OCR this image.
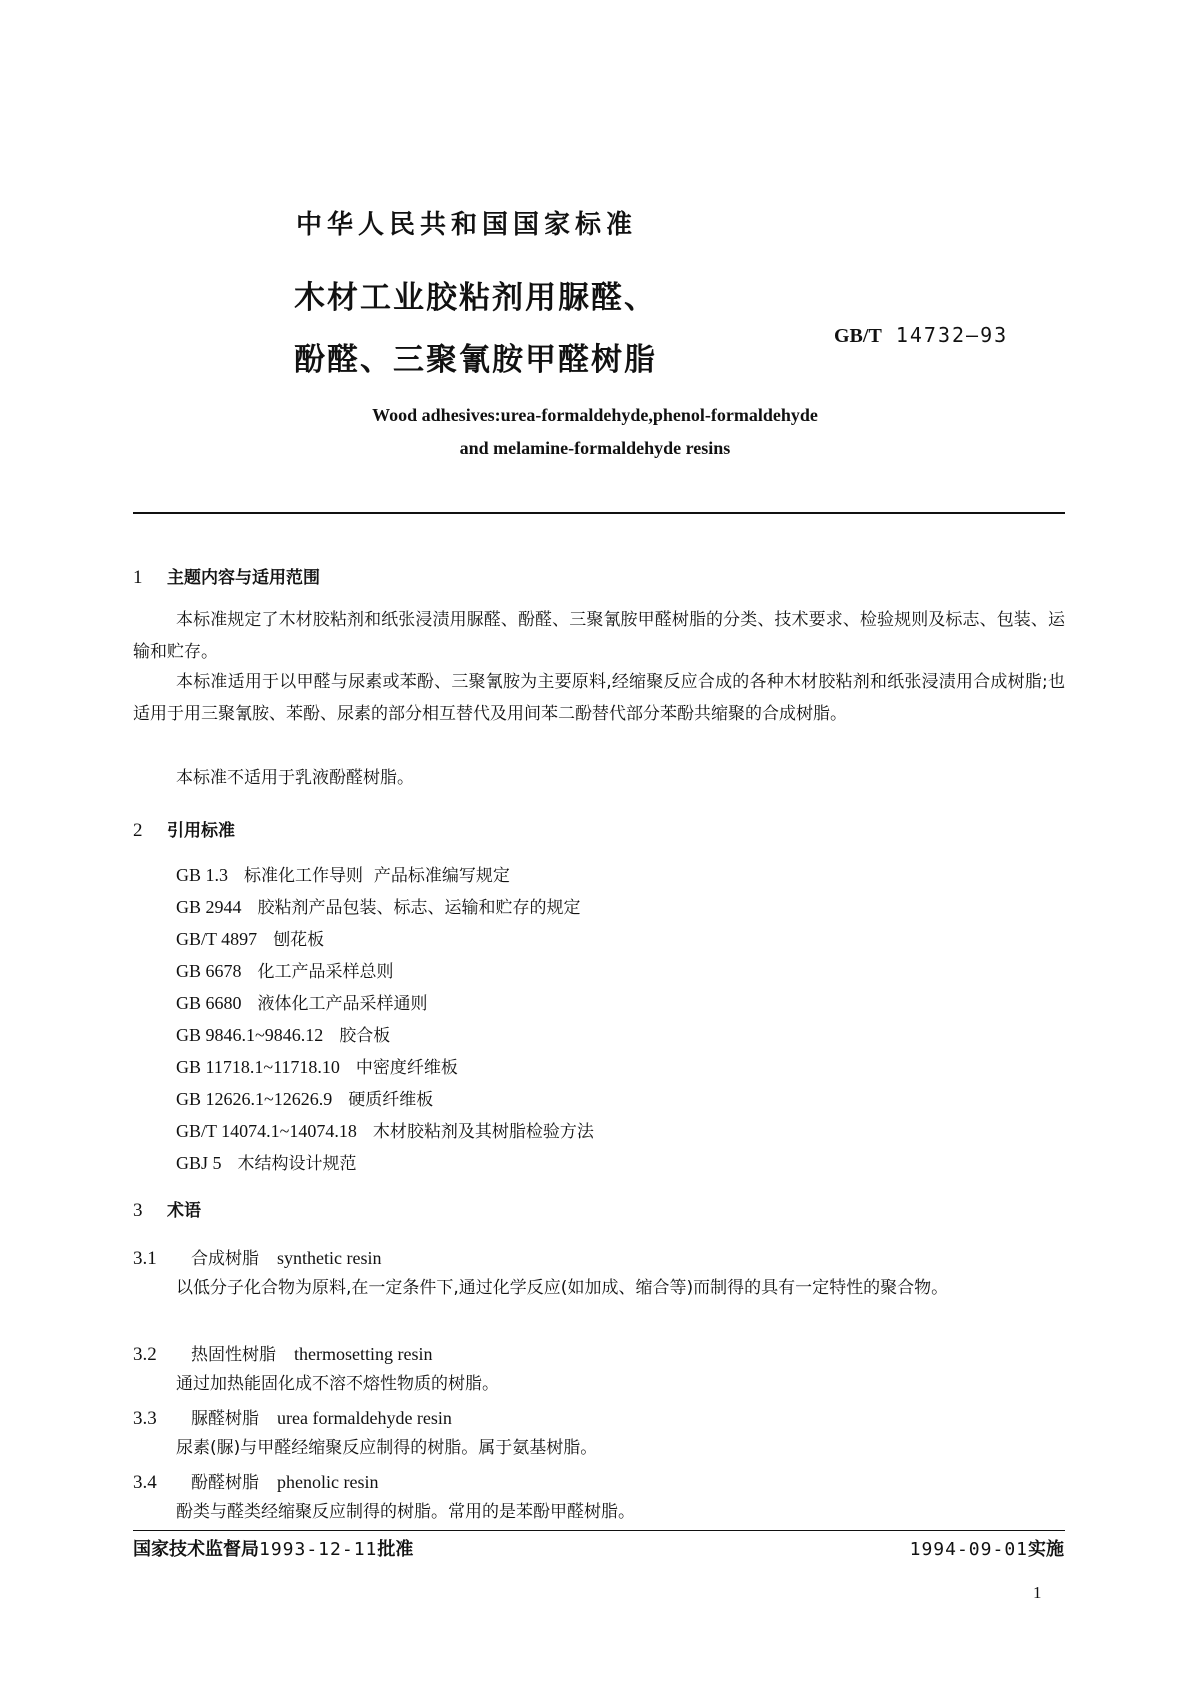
中华人民共和国国家标准
木材工业胶粘剂用脲醛、
酚醛、三聚氰胺甲醛树脂
GB/T 14732—93
Wood adhesives:urea-formaldehyde,phenol-formaldehyde
and melamine-formaldehyde resins
1 主题内容与适用范围
本标准规定了木材胶粘剂和纸张浸渍用脲醛、酚醛、三聚氰胺甲醛树脂的分类、技术要求、检验规则及标志、包装、运输和贮存。
本标准适用于以甲醛与尿素或苯酚、三聚氰胺为主要原料,经缩聚反应合成的各种木材胶粘剂和纸张浸渍用合成树脂;也适用于用三聚氰胺、苯酚、尿素的部分相互替代及用间苯二酚替代部分苯酚共缩聚的合成树脂。
本标准不适用于乳液酚醛树脂。
2 引用标准
GB 1.3 标准化工作导则  产品标准编写规定
GB 2944 胶粘剂产品包装、标志、运输和贮存的规定
GB/T 4897 刨花板
GB 6678 化工产品采样总则
GB 6680 液体化工产品采样通则
GB 9846.1~9846.12 胶合板
GB 11718.1~11718.10 中密度纤维板
GB 12626.1~12626.9 硬质纤维板
GB/T 14074.1~14074.18 木材胶粘剂及其树脂检验方法
GBJ 5 木结构设计规范
3 术语
3.1 合成树脂 synthetic resin
以低分子化合物为原料,在一定条件下,通过化学反应(如加成、缩合等)而制得的具有一定特性的聚合物。
3.2 热固性树脂 thermosetting resin
通过加热能固化成不溶不熔性物质的树脂。
3.3 脲醛树脂 urea formaldehyde resin
尿素(脲)与甲醛经缩聚反应制得的树脂。属于氨基树脂。
3.4 酚醛树脂 phenolic resin
酚类与醛类经缩聚反应制得的树脂。常用的是苯酚甲醛树脂。
国家技术监督局1993-12-11批准	1994-09-01实施
1
